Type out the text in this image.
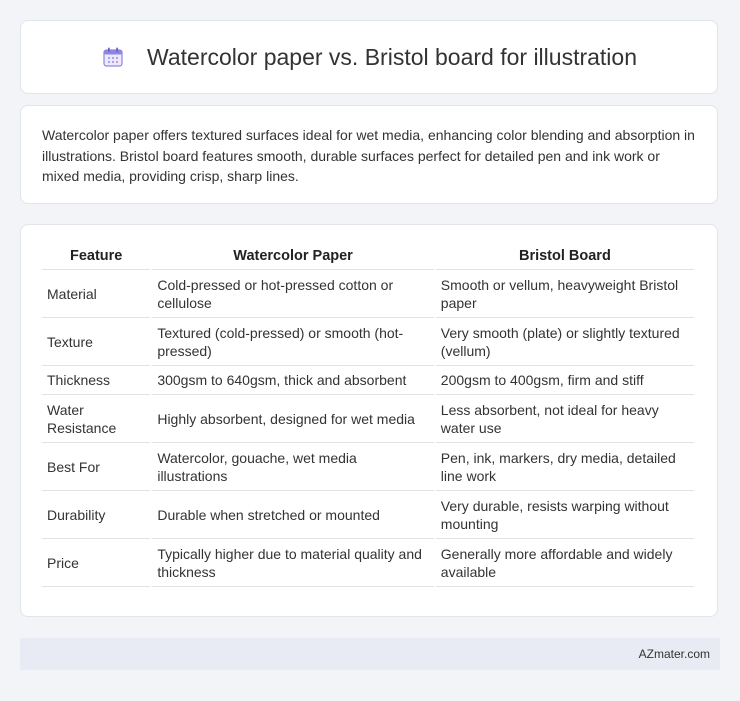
Watercolor paper vs. Bristol board for illustration

Watercolor paper offers textured surfaces ideal for wet media, enhancing color blending and absorption in illustrations. Bristol board features smooth, durable surfaces perfect for detailed pen and ink work or mixed media, providing crisp, sharp lines.

Feature	Watercolor Paper	Bristol Board
Material	Cold-pressed or hot-pressed cotton or cellulose	Smooth or vellum, heavyweight Bristol paper
Texture	Textured (cold-pressed) or smooth (hot-pressed)	Very smooth (plate) or slightly textured (vellum)
Thickness	300gsm to 640gsm, thick and absorbent	200gsm to 400gsm, firm and stiff
Water Resistance	Highly absorbent, designed for wet media	Less absorbent, not ideal for heavy water use
Best For	Watercolor, gouache, wet media illustrations	Pen, ink, markers, dry media, detailed line work
Durability	Durable when stretched or mounted	Very durable, resists warping without mounting
Price	Typically higher due to material quality and thickness	Generally more affordable and widely available
AZmater.com
